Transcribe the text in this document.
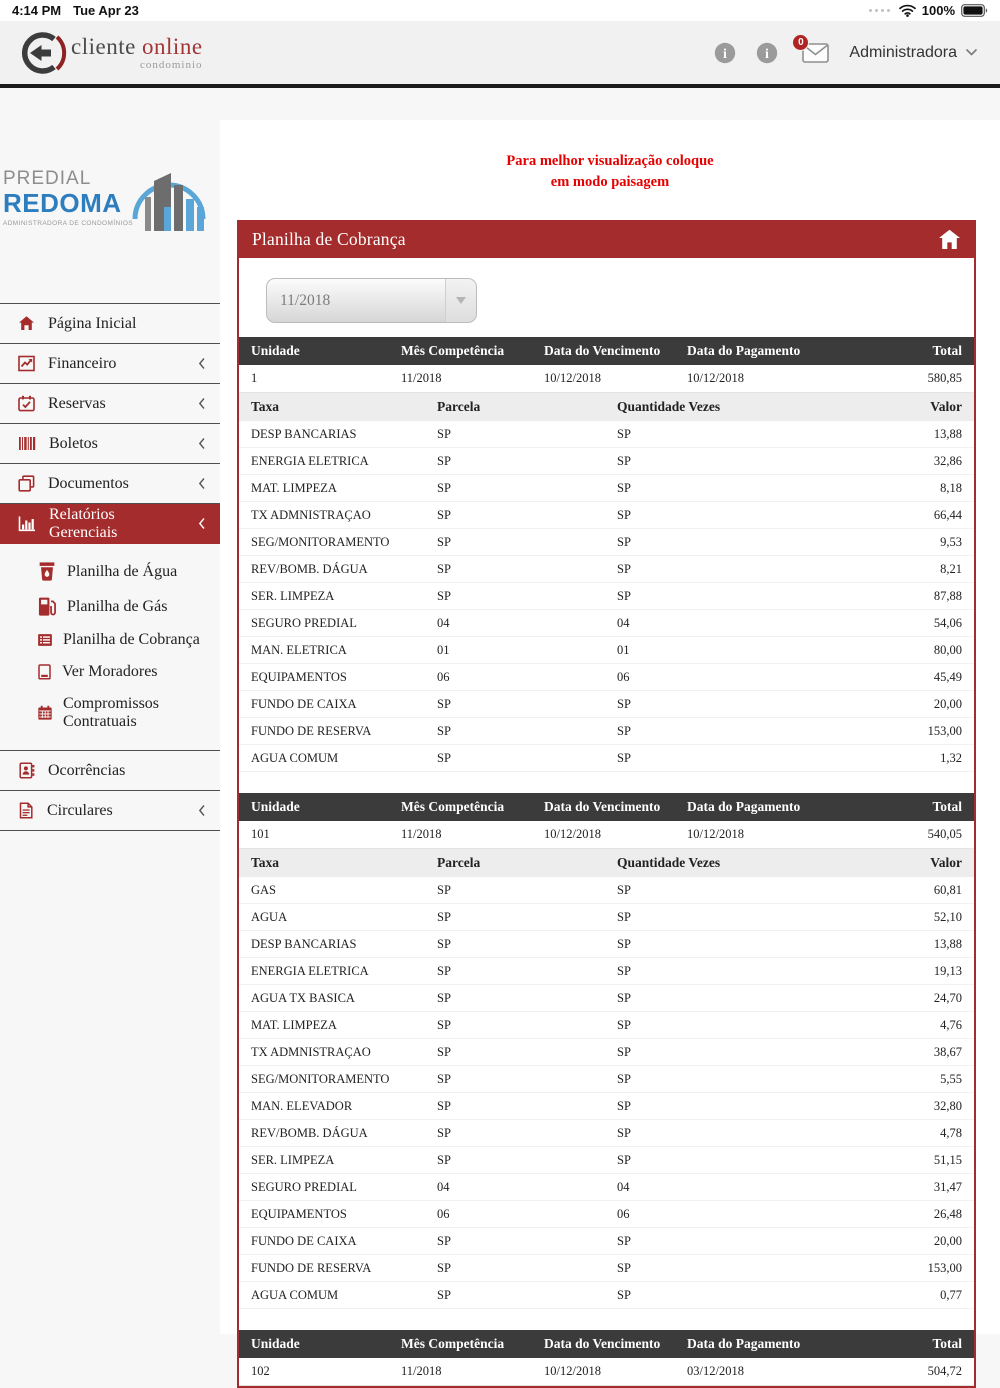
4:14 PM Tue Apr 23	100%
cliente online
condominio
i	i
0
Administradora
PREDIAL
REDOMA
ADMINISTRADORA DE CONDOMÍNIOS
Página Inicial
Financeiro
Reservas
Boletos
Documentos
Relatórios Gerenciais
Planilha de Água
Planilha de Gás
Planilha de Cobrança
Ver Moradores
Compromissos Contratuais
Ocorrências
Circulares
Para melhor visualização coloque
em modo paisagem
Planilha de Cobrança
11/2018
Unidade	Mês Competência	Data do Vencimento	Data do Pagamento	Total
1	11/2018	10/12/2018	10/12/2018	580,85
Taxa	Parcela	Quantidade Vezes	Valor
DESP BANCARIAS	SP	SP	13,88
ENERGIA ELETRICA	SP	SP	32,86
MAT. LIMPEZA	SP	SP	8,18
TX ADMNISTRAÇAO	SP	SP	66,44
SEG/MONITORAMENTO	SP	SP	9,53
REV/BOMB. DÁGUA	SP	SP	8,21
SER. LIMPEZA	SP	SP	87,88
SEGURO PREDIAL	04	04	54,06
MAN. ELETRICA	01	01	80,00
EQUIPAMENTOS	06	06	45,49
FUNDO DE CAIXA	SP	SP	20,00
FUNDO DE RESERVA	SP	SP	153,00
AGUA COMUM	SP	SP	1,32
Unidade	Mês Competência	Data do Vencimento	Data do Pagamento	Total
101	11/2018	10/12/2018	10/12/2018	540,05
Taxa	Parcela	Quantidade Vezes	Valor
GAS	SP	SP	60,81
AGUA	SP	SP	52,10
DESP BANCARIAS	SP	SP	13,88
ENERGIA ELETRICA	SP	SP	19,13
AGUA TX BASICA	SP	SP	24,70
MAT. LIMPEZA	SP	SP	4,76
TX ADMNISTRAÇAO	SP	SP	38,67
SEG/MONITORAMENTO	SP	SP	5,55
MAN. ELEVADOR	SP	SP	32,80
REV/BOMB. DÁGUA	SP	SP	4,78
SER. LIMPEZA	SP	SP	51,15
SEGURO PREDIAL	04	04	31,47
EQUIPAMENTOS	06	06	26,48
FUNDO DE CAIXA	SP	SP	20,00
FUNDO DE RESERVA	SP	SP	153,00
AGUA COMUM	SP	SP	0,77
Unidade	Mês Competência	Data do Vencimento	Data do Pagamento	Total
102	11/2018	10/12/2018	03/12/2018	504,72
